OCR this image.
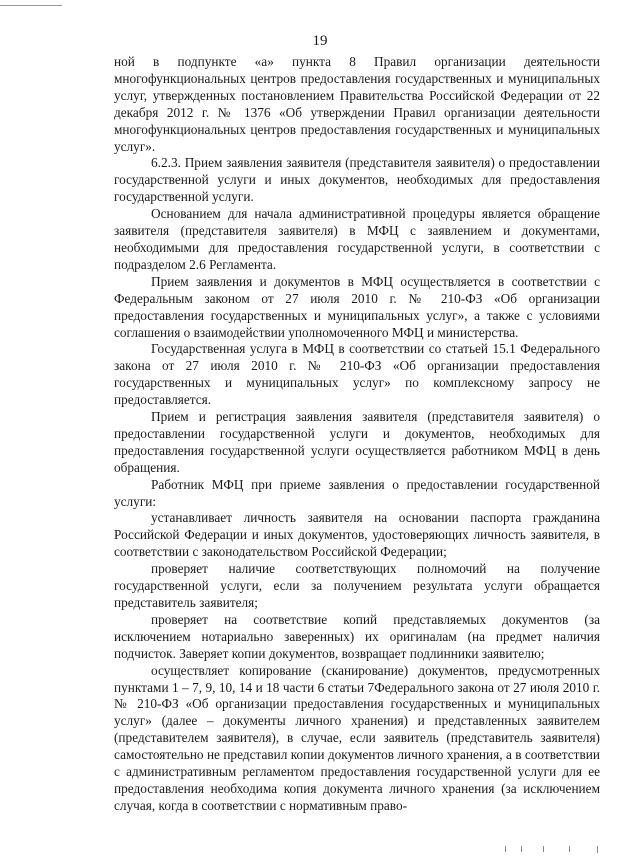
19

ной в подпункте «а» пункта 8 Правил организации деятельности многофункциональных центров предоставления государственных и муниципальных услуг, утвержденных постановлением Правительства Российской Федерации от 22 декабря 2012 г. № 1376 «Об утверждении Правил организации деятельности многофункциональных центров предоставления государственных и муниципальных услуг».

6.2.3. Прием заявления заявителя (представителя заявителя) о предоставлении государственной услуги и иных документов, необходимых для предоставления государственной услуги.

Основанием для начала административной процедуры является обращение заявителя (представителя заявителя) в МФЦ с заявлением и документами, необходимыми для предоставления государственной услуги, в соответствии с подразделом 2.6 Регламента.

Прием заявления и документов в МФЦ осуществляется в соответствии с Федеральным законом от 27 июля 2010 г. № 210-ФЗ «Об организации предоставления государственных и муниципальных услуг», а также с условиями соглашения о взаимодействии уполномоченного МФЦ и министерства.

Государственная услуга в МФЦ в соответствии со статьей 15.1 Федерального закона от 27 июля 2010 г. № 210-ФЗ «Об организации предоставления государственных и муниципальных услуг» по комплексному запросу не предоставляется.

Прием и регистрация заявления заявителя (представителя заявителя) о предоставлении государственной услуги и документов, необходимых для предоставления государственной услуги осуществляется работником МФЦ в день обращения.

Работник МФЦ при приеме заявления о предоставлении государственной услуги:

устанавливает личность заявителя на основании паспорта гражданина Российской Федерации и иных документов, удостоверяющих личность заявителя, в соответствии с законодательством Российской Федерации;

проверяет наличие соответствующих полномочий на получение государственной услуги, если за получением результата услуги обращается представитель заявителя;

проверяет на соответствие копий представляемых документов (за исключением нотариально заверенных) их оригиналам (на предмет наличия подчисток. Заверяет копии документов, возвращает подлинники заявителю;

осуществляет копирование (сканирование) документов, предусмотренных пунктами 1 – 7, 9, 10, 14 и 18 части 6 статьи 7Федерального закона от 27 июля 2010 г. № 210-ФЗ «Об организации предоставления государственных и муниципальных услуг» (далее – документы личного хранения) и представленных заявителем (представителем заявителя), в случае, если заявитель (представитель заявителя) самостоятельно не представил копии документов личного хранения, а в соответствии с административным регламентом предоставления государственной услуги для ее предоставления необходима копия документа личного хранения (за исключением случая, когда в соответствии с нормативным право-
